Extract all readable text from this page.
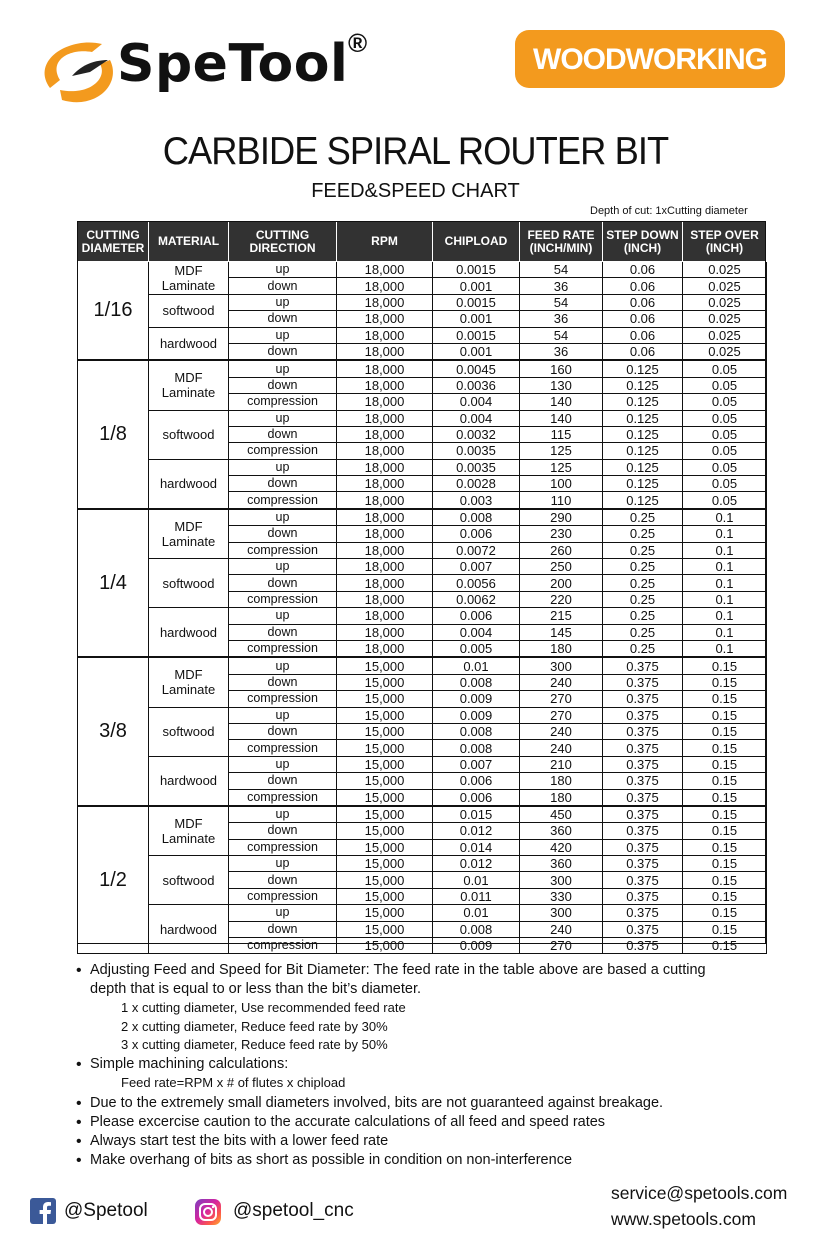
SpeTool ®	WOODWORKING
CARBIDE SPIRAL ROUTER BIT
FEED&SPEED CHART
Depth of cut: 1xCutting diameter
CUTTING DIAMETER	MATERIAL	CUTTING DIRECTION	RPM	CHIPLOAD	FEED RATE (INCH/MIN)	STEP DOWN (INCH)	STEP OVER (INCH)
1/16	MDF Laminate	up	18,000	0.0015	54	0.06	0.025
		down	18,000	0.001	36	0.06	0.025
	softwood	up	18,000	0.0015	54	0.06	0.025
		down	18,000	0.001	36	0.06	0.025
	hardwood	up	18,000	0.0015	54	0.06	0.025
		down	18,000	0.001	36	0.06	0.025
1/8	MDF Laminate	up	18,000	0.0045	160	0.125	0.05
		down	18,000	0.0036	130	0.125	0.05
		compression	18,000	0.004	140	0.125	0.05
	softwood	up	18,000	0.004	140	0.125	0.05
		down	18,000	0.0032	115	0.125	0.05
		compression	18,000	0.0035	125	0.125	0.05
	hardwood	up	18,000	0.0035	125	0.125	0.05
		down	18,000	0.0028	100	0.125	0.05
		compression	18,000	0.003	110	0.125	0.05
1/4	MDF Laminate	up	18,000	0.008	290	0.25	0.1
		down	18,000	0.006	230	0.25	0.1
		compression	18,000	0.0072	260	0.25	0.1
	softwood	up	18,000	0.007	250	0.25	0.1
		down	18,000	0.0056	200	0.25	0.1
		compression	18,000	0.0062	220	0.25	0.1
	hardwood	up	18,000	0.006	215	0.25	0.1
		down	18,000	0.004	145	0.25	0.1
		compression	18,000	0.005	180	0.25	0.1
3/8	MDF Laminate	up	15,000	0.01	300	0.375	0.15
		down	15,000	0.008	240	0.375	0.15
		compression	15,000	0.009	270	0.375	0.15
	softwood	up	15,000	0.009	270	0.375	0.15
		down	15,000	0.008	240	0.375	0.15
		compression	15,000	0.008	240	0.375	0.15
	hardwood	up	15,000	0.007	210	0.375	0.15
		down	15,000	0.006	180	0.375	0.15
		compression	15,000	0.006	180	0.375	0.15
1/2	MDF Laminate	up	15,000	0.015	450	0.375	0.15
		down	15,000	0.012	360	0.375	0.15
		compression	15,000	0.014	420	0.375	0.15
	softwood	up	15,000	0.012	360	0.375	0.15
		down	15,000	0.01	300	0.375	0.15
		compression	15,000	0.011	330	0.375	0.15
	hardwood	up	15,000	0.01	300	0.375	0.15
		down	15,000	0.008	240	0.375	0.15
		compression	15,000	0.009	270	0.375	0.15

• Adjusting Feed and Speed for Bit Diameter: The feed rate in the table above are based a cutting
depth that is equal to or less than the bit’s diameter.

1 x cutting diameter, Use recommended feed rate
2 x cutting diameter, Reduce feed rate by 30%
3 x cutting diameter, Reduce feed rate by 50%

• Simple machining calculations:

Feed rate=RPM x # of flutes x chipload

• Due to the extremely small diameters involved, bits are not guaranteed against breakage.

• Please excercise caution to the accurate calculations of all feed and speed rates

• Always start test the bits with a lower feed rate

• Make overhang of bits as short as possible in condition on non-interference

@Spetool	@spetool_cnc
service@spetools.com
www.spetools.com
